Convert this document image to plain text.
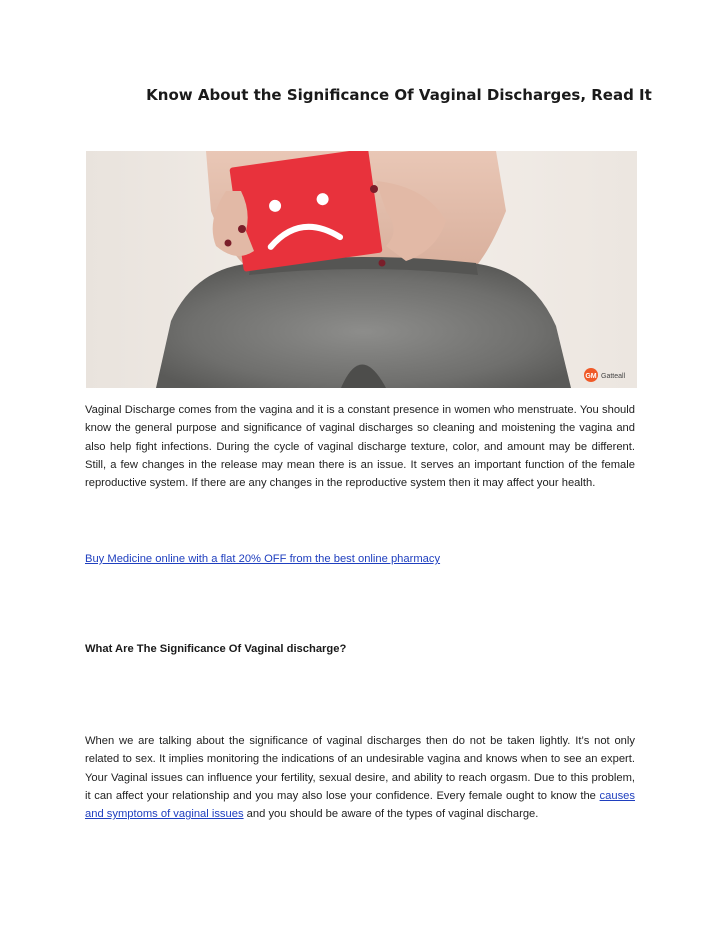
Know About the Significance Of Vaginal Discharges, Read It
GM Gatteall
Vaginal Discharge comes from the vagina and it is a constant presence in women who menstruate. You should know the general purpose and significance of vaginal discharges so cleaning and moistening the vagina and also help fight infections. During the cycle of vaginal discharge texture, color, and amount may be different. Still, a few changes in the release may mean there is an issue. It serves an important function of the female reproductive system. If there are any changes in the reproductive system then it may affect your health.
Buy Medicine online with a flat 20% OFF from the best online pharmacy
What Are The Significance Of Vaginal discharge?
When we are talking about the significance of vaginal discharges then do not be taken lightly. It’s not only related to sex. It implies monitoring the indications of an undesirable vagina and knows when to see an expert. Your Vaginal issues can influence your fertility, sexual desire, and ability to reach orgasm. Due to this problem, it can affect your relationship and you may also lose your confidence. Every female ought to know the causes and symptoms of vaginal issues and you should be aware of the types of vaginal discharge.
